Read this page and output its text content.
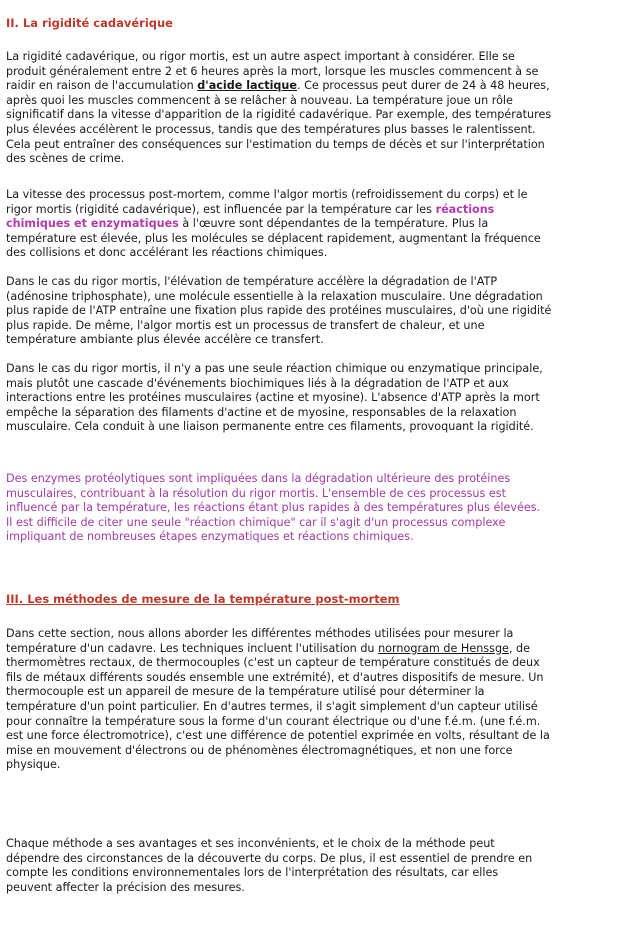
II. La rigidité cadavérique
La rigidité cadavérique, ou rigor mortis, est un autre aspect important à considérer. Elle se
produit généralement entre 2 et 6 heures après la mort, lorsque les muscles commencent à se
raidir en raison de l'accumulation d'acide lactique. Ce processus peut durer de 24 à 48 heures,
après quoi les muscles commencent à se relâcher à nouveau. La température joue un rôle
significatif dans la vitesse d'apparition de la rigidité cadavérique. Par exemple, des températures
plus élevées accélèrent le processus, tandis que des températures plus basses le ralentissent.
Cela peut entraîner des conséquences sur l'estimation du temps de décès et sur l'interprétation
des scènes de crime.
La vitesse des processus post-mortem, comme l'algor mortis (refroidissement du corps) et le
rigor mortis (rigidité cadavérique), est influencée par la température car les réactions
chimiques et enzymatiques à l'œuvre sont dépendantes de la température. Plus la
température est élevée, plus les molécules se déplacent rapidement, augmentant la fréquence
des collisions et donc accélérant les réactions chimiques.
Dans le cas du rigor mortis, l'élévation de température accélère la dégradation de l'ATP
(adénosine triphosphate), une molécule essentielle à la relaxation musculaire. Une dégradation
plus rapide de l'ATP entraîne une fixation plus rapide des protéines musculaires, d'où une rigidité
plus rapide. De même, l'algor mortis est un processus de transfert de chaleur, et une
température ambiante plus élevée accélère ce transfert.
Dans le cas du rigor mortis, il n'y a pas une seule réaction chimique ou enzymatique principale,
mais plutôt une cascade d'événements biochimiques liés à la dégradation de l'ATP et aux
interactions entre les protéines musculaires (actine et myosine). L'absence d'ATP après la mort
empêche la séparation des filaments d'actine et de myosine, responsables de la relaxation
musculaire. Cela conduit à une liaison permanente entre ces filaments, provoquant la rigidité.
Des enzymes protéolytiques sont impliquées dans la dégradation ultérieure des protéines
musculaires, contribuant à la résolution du rigor mortis. L'ensemble de ces processus est
influencé par la température, les réactions étant plus rapides à des températures plus élevées.
Il est difficile de citer une seule "réaction chimique" car il s'agit d'un processus complexe
impliquant de nombreuses étapes enzymatiques et réactions chimiques.
III. Les méthodes de mesure de la température post-mortem
Dans cette section, nous allons aborder les différentes méthodes utilisées pour mesurer la
température d'un cadavre. Les techniques incluent l'utilisation du nornogram de Henssge, de
thermomètres rectaux, de thermocouples (c'est un capteur de température constitués de deux
fils de métaux différents soudés ensemble une extrémité), et d'autres dispositifs de mesure. Un
thermocouple est un appareil de mesure de la température utilisé pour déterminer la
température d'un point particulier. En d'autres termes, il s'agit simplement d'un capteur utilisé
pour connaître la température sous la forme d'un courant électrique ou d'une f.é.m. (une f.é.m.
est une force électromotrice), c'est une différence de potentiel exprimée en volts, résultant de la
mise en mouvement d'électrons ou de phénomènes électromagnétiques, et non une force
physique.
Chaque méthode a ses avantages et ses inconvénients, et le choix de la méthode peut
dépendre des circonstances de la découverte du corps. De plus, il est essentiel de prendre en
compte les conditions environnementales lors de l'interprétation des résultats, car elles
peuvent affecter la précision des mesures.
